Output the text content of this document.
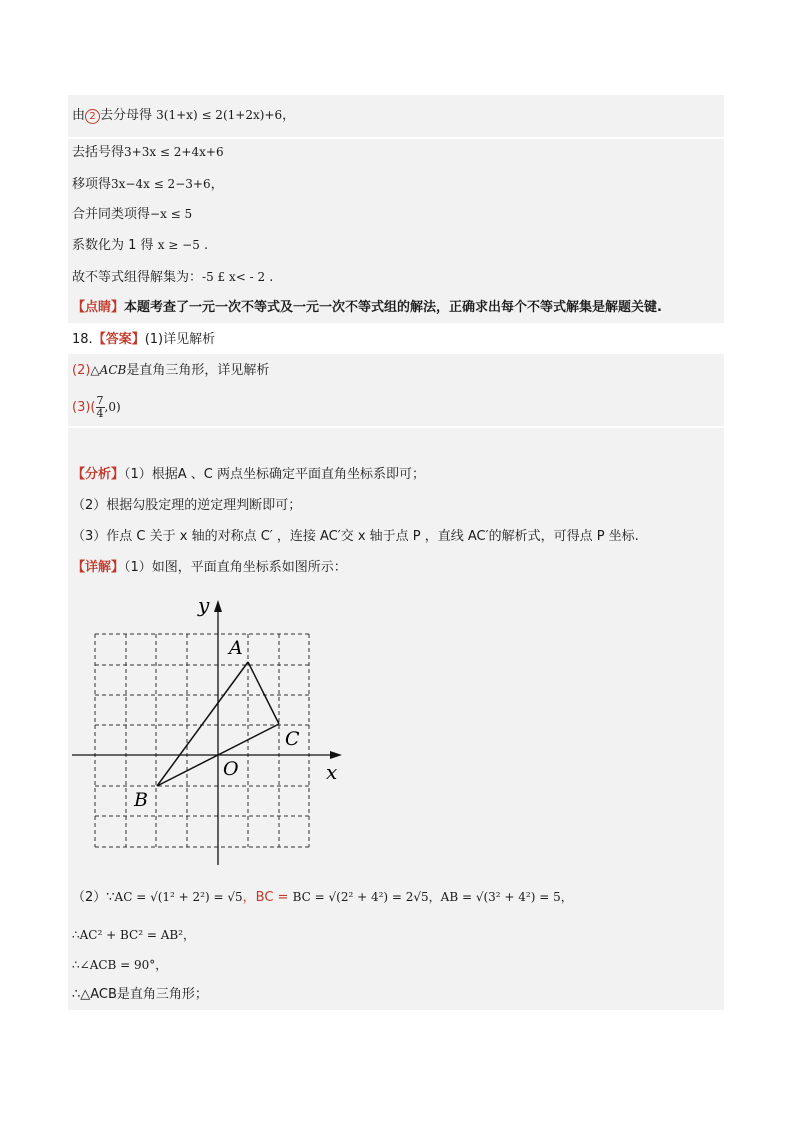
由 2 去分母得 3(1+x) ≤ 2(1+2x)+6，
去括号得3+3x ≤ 2+4x+6
移项得3x−4x ≤ 2−3+6，
合并同类项得−x ≤ 5
系数化为 1 得 x ≥ −5 .
故不等式组得解集为：-5 £ x< - 2 .
【点睛】本题考查了一元一次不等式及一元一次不等式组的解法，正确求出每个不等式解集是解题关键.
18.【答案】(1)详见解析
(2)△ACB是直角三角形，详见解析
$(3)( \frac{7}{4} ,0)$
【分析】（1）根据A 、C 两点坐标确定平面直角坐标系即可；
（2）根据勾股定理的逆定理判断即可；
（3）作点 C 关于 x 轴的对称点 C′ ，连接 AC′交 x 轴于点 P ，直线 AC′的解析式，可得点 P 坐标.
【详解】（1）如图，平面直角坐标系如图所示：
y
x
A
B
C
O
（2）∵AC = √(1² + 2²) = √5，BC = BC = √(2² + 4²) = 2√5，AB = √(3² + 4²) = 5，
∴AC² + BC² = AB²，
∴∠ACB = 90°，
∴△ACB是直角三角形；
